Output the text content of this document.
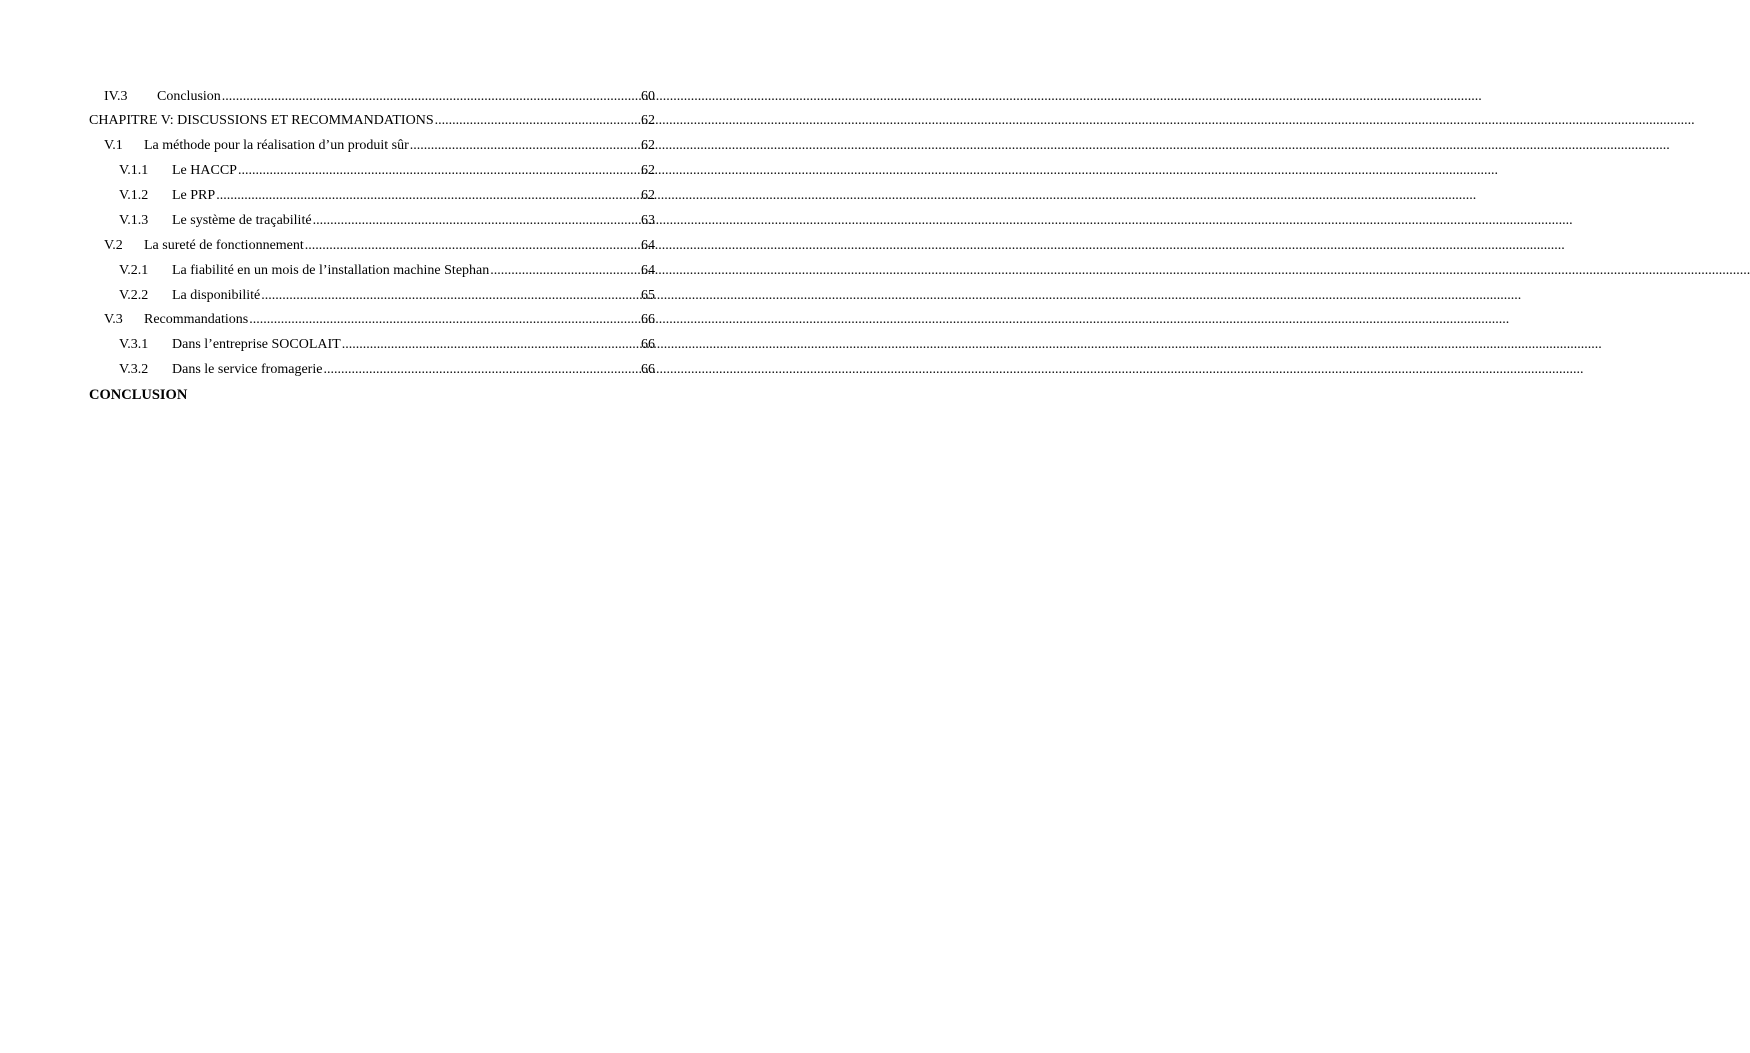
IV.3	Conclusion .....	60
CHAPITRE V: DISCUSSIONS ET RECOMMANDATIONS .....	62
V.1	La méthode pour la réalisation d’un produit sûr .....	62
V.1.1	Le HACCP .....	62
V.1.2	Le PRP .....	62
V.1.3	Le système de traçabilité .....	63
V.2	La sureté de fonctionnement .....	64
V.2.1	La fiabilité en un mois de l’installation machine Stephan .....	64
V.2.2	La disponibilité .....	65
V.3	Recommandations .....	66
V.3.1	Dans l’entreprise SOCOLAIT .....	66
V.3.2	Dans le service fromagerie .....	66
CONCLUSION
